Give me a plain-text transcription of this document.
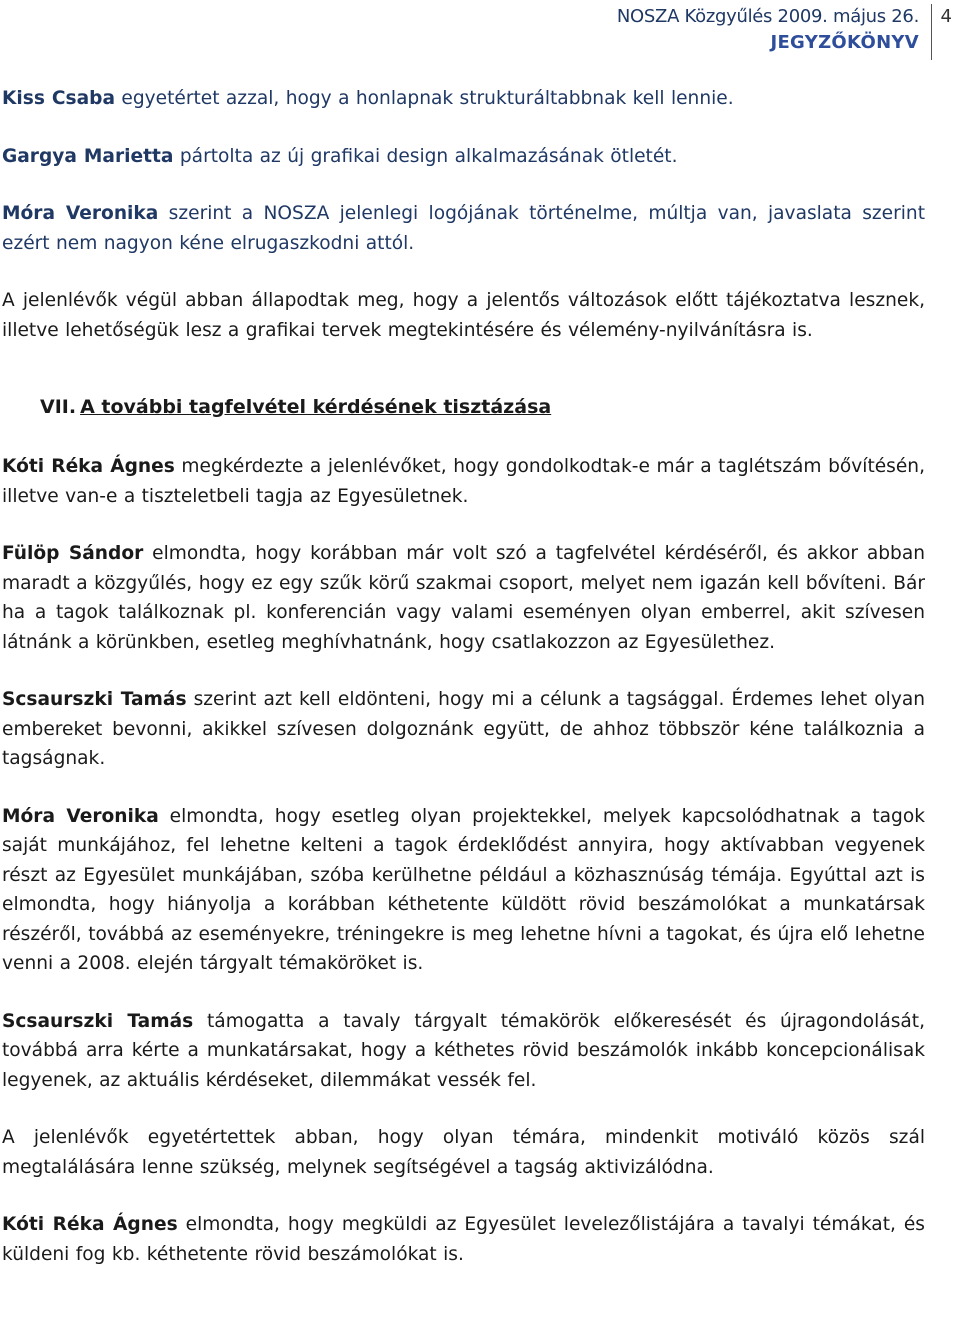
NOSZA Közgyűlés 2009. május 26.
JEGYZŐKÖNYV
4

Kiss Csaba egyetértet azzal, hogy a honlapnak strukturáltabbnak kell lennie.

Gargya Marietta pártolta az új grafikai design alkalmazásának ötletét.

Móra Veronika szerint a NOSZA jelenlegi logójának történelme, múltja van, javaslata szerint ezért nem nagyon kéne elrugaszkodni attól.

A jelenlévők végül abban állapodtak meg, hogy a jelentős változások előtt tájékoztatva lesznek, illetve lehetőségük lesz a grafikai tervek megtekintésére és vélemény-nyilvánításra is.

VII. A további tagfelvétel kérdésének tisztázása

Kóti Réka Ágnes megkérdezte a jelenlévőket, hogy gondolkodtak-e már a taglétszám bővítésén, illetve van-e a tiszteletbeli tagja az Egyesületnek.

Fülöp Sándor elmondta, hogy korábban már volt szó a tagfelvétel kérdéséről, és akkor abban maradt a közgyűlés, hogy ez egy szűk körű szakmai csoport, melyet nem igazán kell bővíteni. Bár ha a tagok találkoznak pl. konferencián vagy valami eseményen olyan emberrel, akit szívesen látnánk a körünkben, esetleg meghívhatnánk, hogy csatlakozzon az Egyesülethez.

Scsaurszki Tamás szerint azt kell eldönteni, hogy mi a célunk a tagsággal. Érdemes lehet olyan embereket bevonni, akikkel szívesen dolgoznánk együtt, de ahhoz többször kéne találkoznia a tagságnak.

Móra Veronika elmondta, hogy esetleg olyan projektekkel, melyek kapcsolódhatnak a tagok saját munkájához, fel lehetne kelteni a tagok érdeklődést annyira, hogy aktívabban vegyenek részt az Egyesület munkájában, szóba kerülhetne például a közhasznúság témája. Egyúttal azt is elmondta, hogy hiányolja a korábban kéthetente küldött rövid beszámolókat a munkatársak részéről, továbbá az eseményekre, tréningekre is meg lehetne hívni a tagokat, és újra elő lehetne venni a 2008. elején tárgyalt témaköröket is.

Scsaurszki Tamás támogatta a tavaly tárgyalt témakörök előkeresését és újragondolását, továbbá arra kérte a munkatársakat, hogy a kéthetes rövid beszámolók inkább koncepcionálisak legyenek, az aktuális kérdéseket, dilemmákat vessék fel.

A jelenlévők egyetértettek abban, hogy olyan témára, mindenkit motiváló közös szál megtalálására lenne szükség, melynek segítségével a tagság aktivizálódna.

Kóti Réka Ágnes elmondta, hogy megküldi az Egyesület levelezőlistájára a tavalyi témákat, és küldeni fog kb. kéthetente rövid beszámolókat is.
